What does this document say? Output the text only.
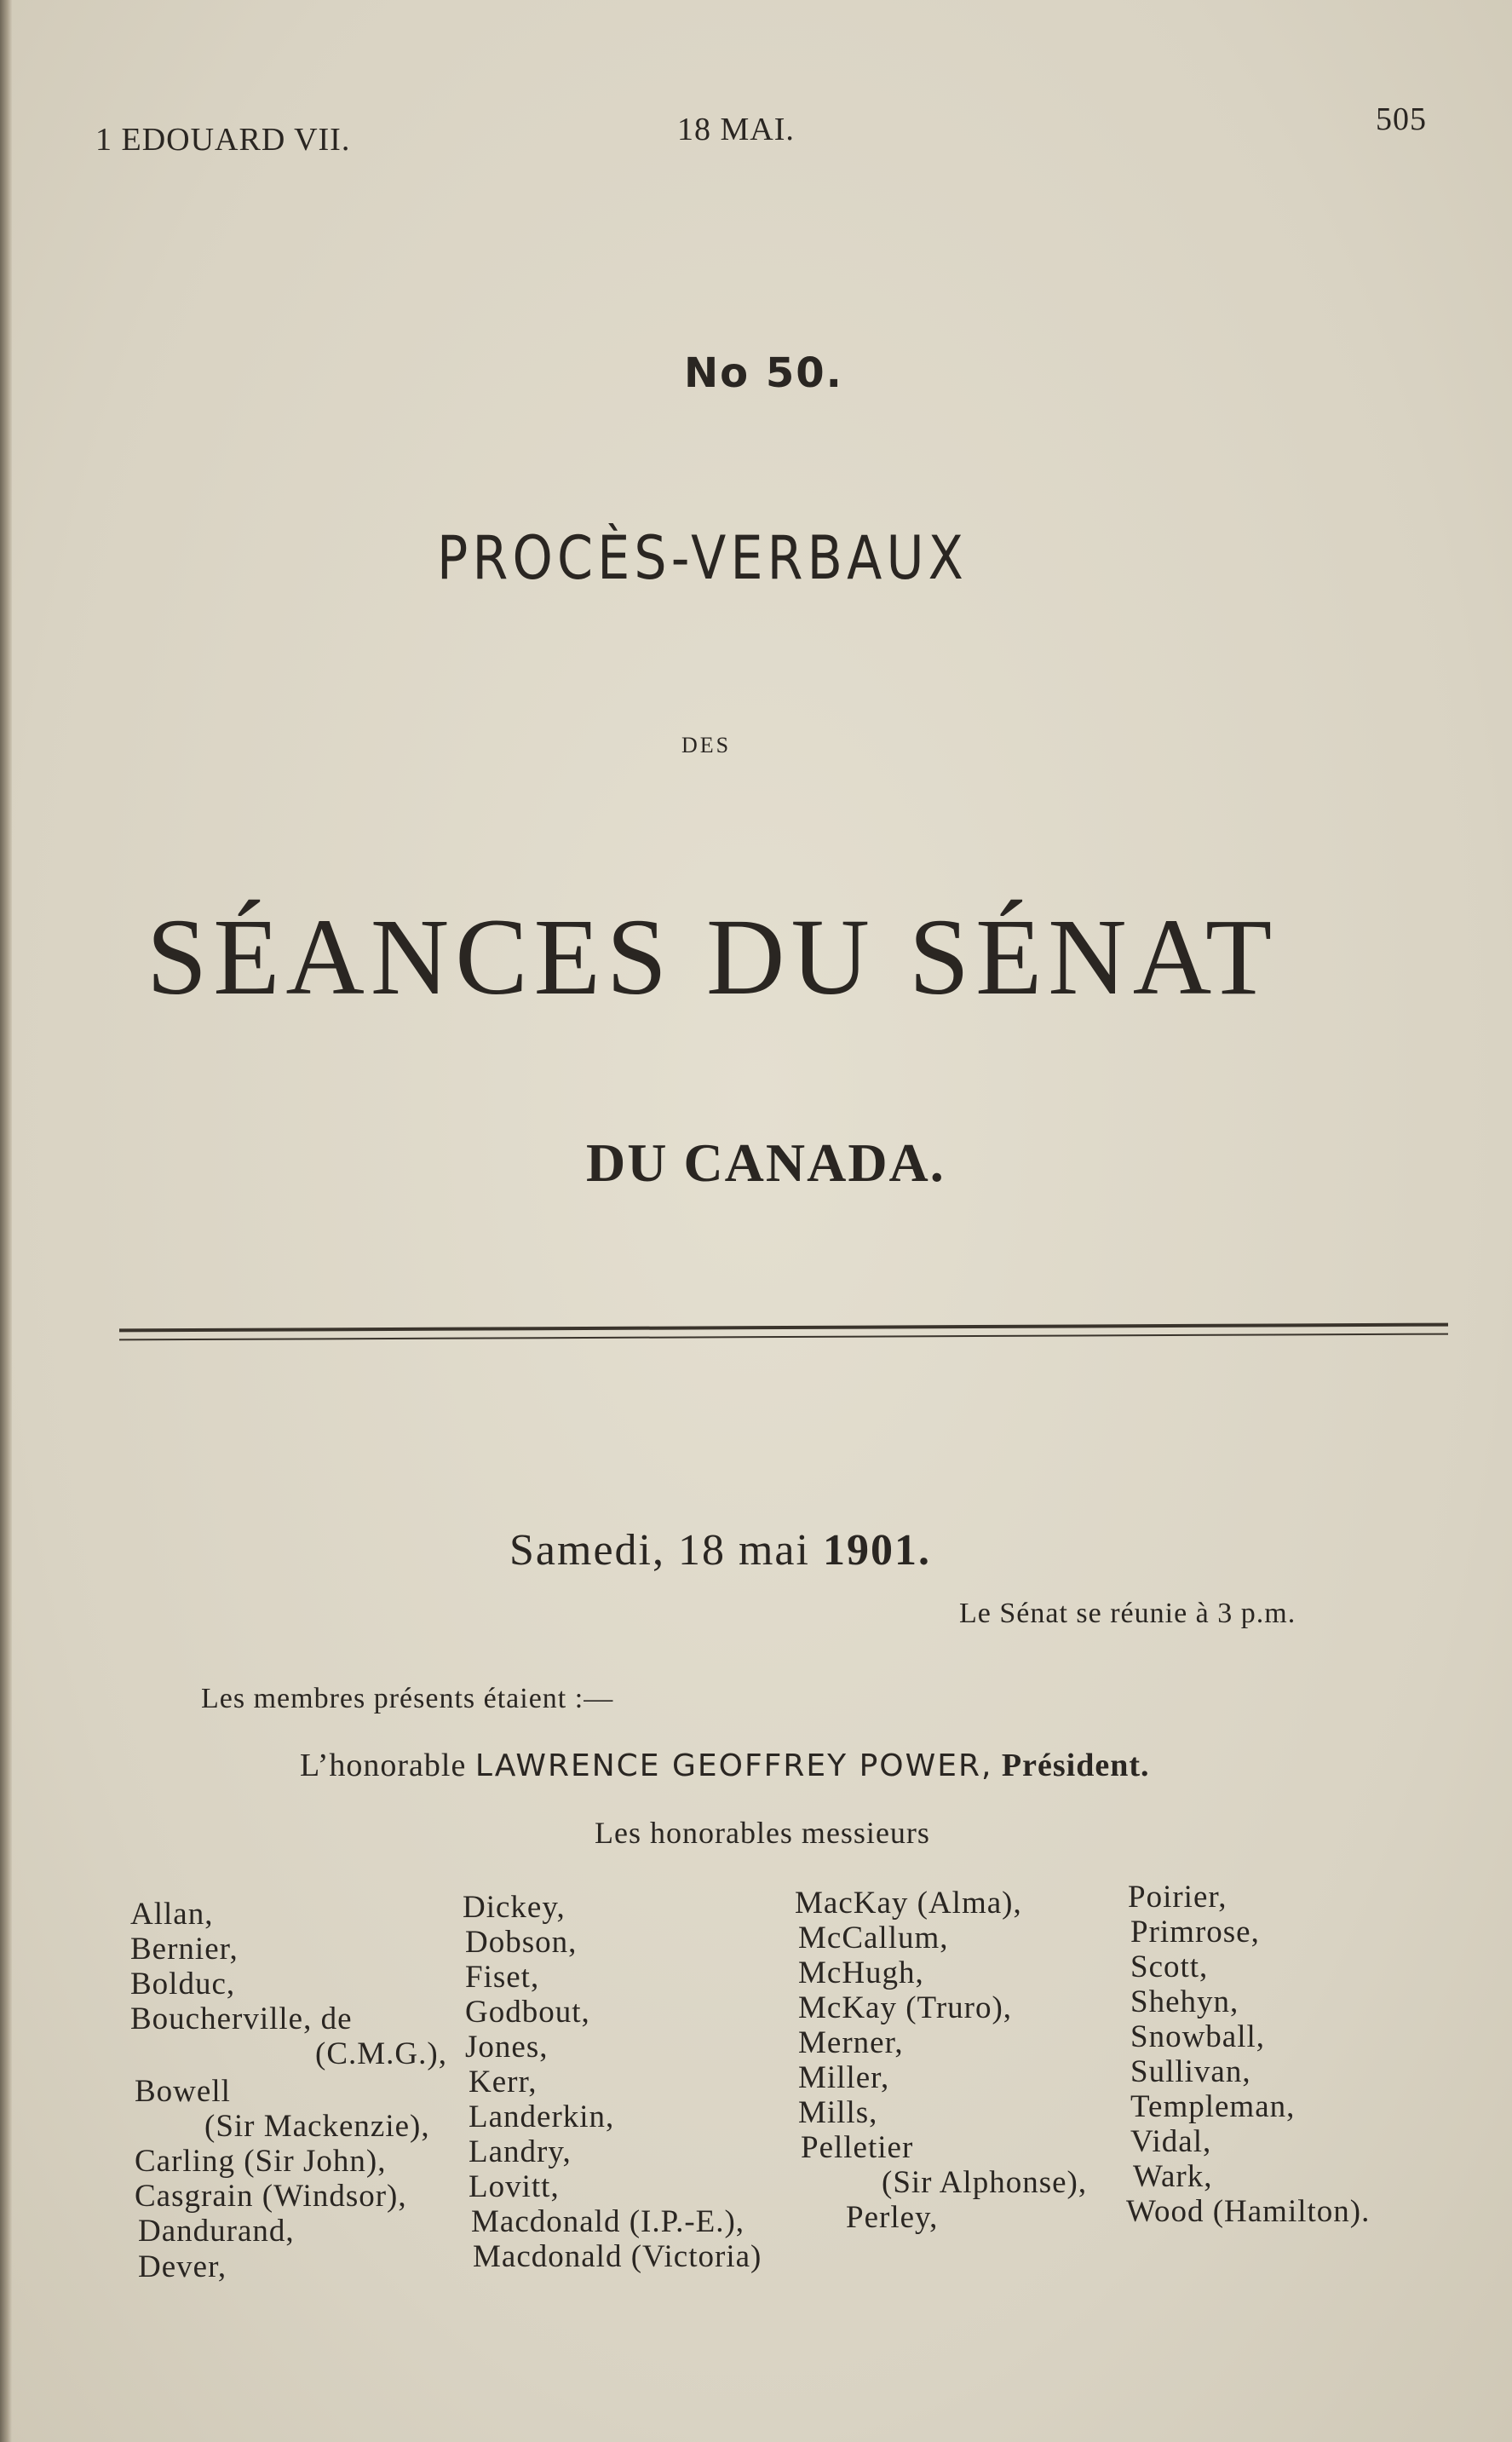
1 EDOUARD VII.	18 MAI.	505
No 50.
PROCÈS-VERBAUX
DES
SÉANCES DU SÉNAT
DU CANADA.
Samedi, 18 mai 1901.
Le Sénat se réunie à 3 p.m.
Les membres présents étaient :—
L’honorable LAWRENCE GEOFFREY POWER, Président.
Les honorables messieurs
Allan,
Bernier,
Bolduc,
Boucherville, de
(C.M.G.),
Bowell
(Sir Mackenzie),
Carling (Sir John),
Casgrain (Windsor),
Dandurand,
Dever,
Dickey,
Dobson,
Fiset,
Godbout,
Jones,
Kerr,
Landerkin,
Landry,
Lovitt,
Macdonald (I.P.-E.),
Macdonald (Victoria)
MacKay (Alma),
McCallum,
McHugh,
McKay (Truro),
Merner,
Miller,
Mills,
Pelletier
(Sir Alphonse),
Perley,
Poirier,
Primrose,
Scott,
Shehyn,
Snowball,
Sullivan,
Templeman,
Vidal,
Wark,
Wood (Hamilton).
